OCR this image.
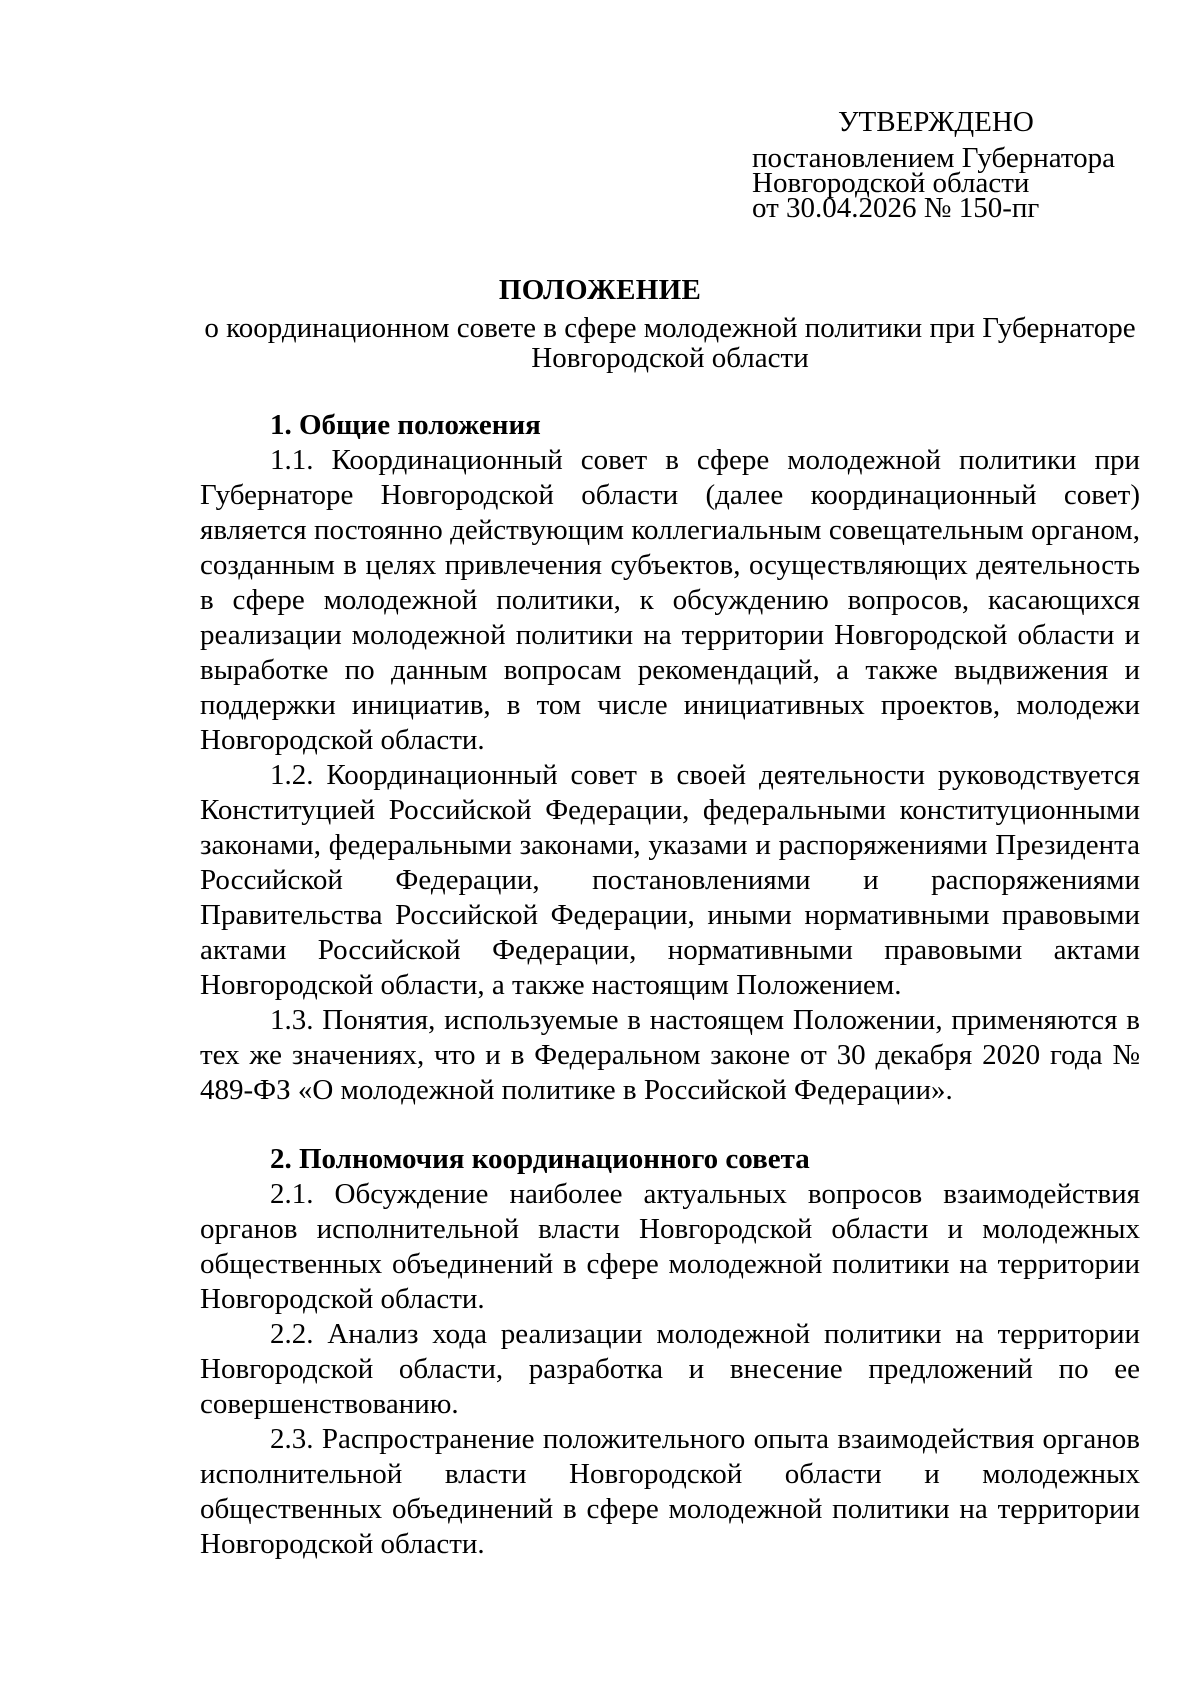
УТВЕРЖДЕНО
постановлением Губернатора
Новгородской области
от 30.04.2026 № 150-пг
ПОЛОЖЕНИЕ
о координационном совете в сфере молодежной политики при Губернаторе Новгородской области
1. Общие положения

1.1. Координационный совет в сфере молодежной политики при Губернаторе Новгородской области (далее координационный совет) является постоянно действующим коллегиальным совещательным органом, созданным в целях привлечения субъектов, осуществляющих деятельность в сфере молодежной политики, к обсуждению вопросов, касающихся реализации молодежной политики на территории Новгородской области и выработке по данным вопросам рекомендаций, а также выдвижения и поддержки инициатив, в том числе инициативных проектов, молодежи Новгородской области.

1.2. Координационный совет в своей деятельности руководствуется Конституцией Российской Федерации, федеральными конституционными законами, федеральными законами, указами и распоряжениями Президента Российской Федерации, постановлениями и распоряжениями Правительства Российской Федерации, иными нормативными правовыми актами Российской Федерации, нормативными правовыми актами Новгородской области, а также настоящим Положением.

1.3. Понятия, используемые в настоящем Положении, применяются в тех же значениях, что и в Федеральном законе от 30 декабря 2020 года № 489-ФЗ «О молодежной политике в Российской Федерации».

2. Полномочия координационного совета

2.1. Обсуждение наиболее актуальных вопросов взаимодействия органов исполнительной власти Новгородской области и молодежных общественных объединений в сфере молодежной политики на территории Новгородской области.

2.2. Анализ хода реализации молодежной политики на территории Новгородской области, разработка и внесение предложений по ее совершенствованию.

2.3. Распространение положительного опыта взаимодействия органов исполнительной власти Новгородской области и молодежных общественных объединений в сфере молодежной политики на территории Новгородской области.
